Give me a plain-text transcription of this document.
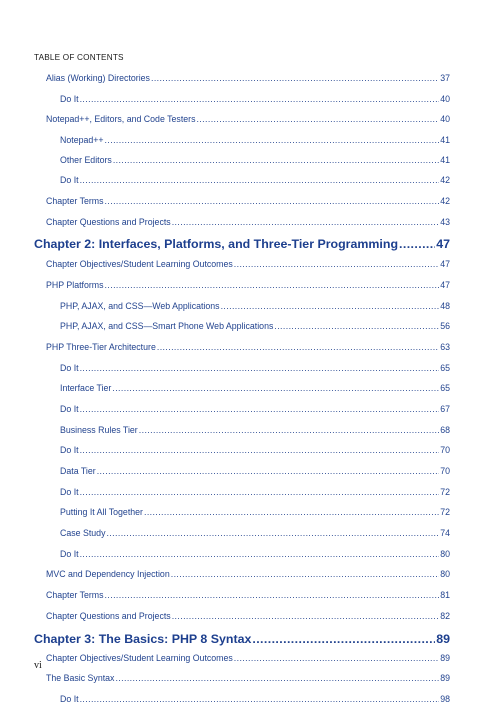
TABLE OF CONTENTS
Alias (Working) Directories .....	37
Do It .....	40
Notepad++, Editors, and Code Testers .....	40
Notepad++ .....	41
Other Editors .....	41
Do It .....	42
Chapter Terms .....	42
Chapter Questions and Projects .....	43
Chapter 2: Interfaces, Platforms, and Three-Tier Programming .....	47
Chapter Objectives/Student Learning Outcomes .....	47
PHP Platforms .....	47
PHP, AJAX, and CSS—Web Applications .....	48
PHP, AJAX, and CSS—Smart Phone Web Applications .....	56
PHP Three-Tier Architecture .....	63
Do It .....	65
Interface Tier .....	65
Do It .....	67
Business Rules Tier .....	68
Do It .....	70
Data Tier .....	70
Do It .....	72
Putting It All Together .....	72
Case Study .....	74
Do It .....	80
MVC and Dependency Injection .....	80
Chapter Terms .....	81
Chapter Questions and Projects .....	82
Chapter 3: The Basics: PHP 8 Syntax .....	89
Chapter Objectives/Student Learning Outcomes .....	89
The Basic Syntax .....	89
Do It .....	98
vi
